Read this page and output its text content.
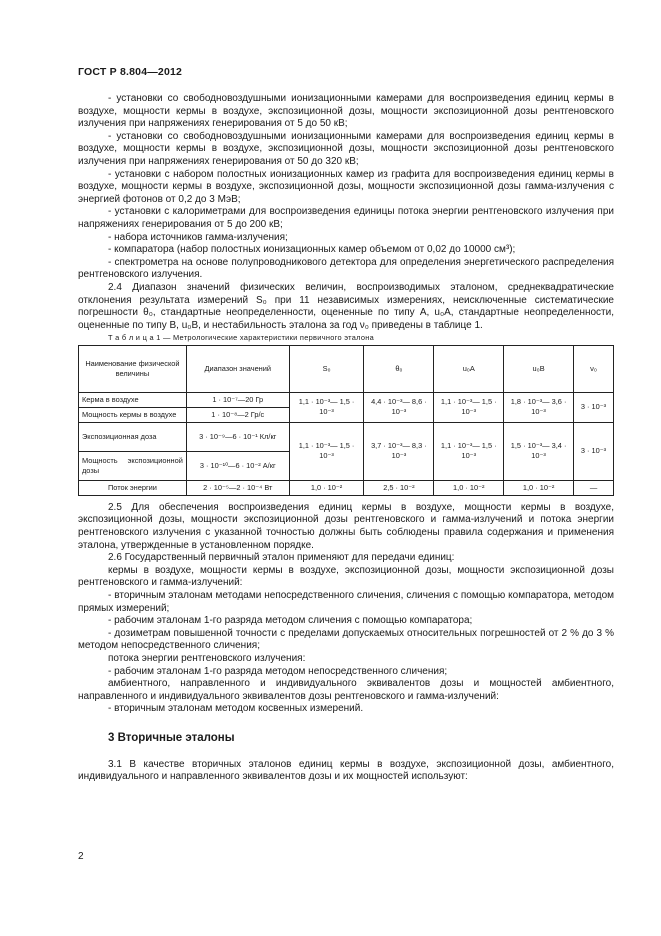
ГОСТ Р 8.804—2012

- установки со свободновоздушными ионизационными камерами для воспроизведения единиц кермы в воздухе, мощности кермы в воздухе, экспозиционной дозы, мощности экспозиционной дозы рентгеновского излучения при напряжениях генерирования от 5 до 50 кВ;

- установки со свободновоздушными ионизационными камерами для воспроизведения единиц кермы в воздухе, мощности кермы в воздухе, экспозиционной дозы, мощности экспозиционной дозы рентгеновского излучения при напряжениях генерирования от 50 до 320 кВ;

- установки с набором полостных ионизационных камер из графита для воспроизведения единиц кермы в воздухе, мощности кермы в воздухе, экспозиционной дозы, мощности экспозиционной дозы гамма-излучения с энергией фотонов от 0,2 до 3 МэВ;

- установки с калориметрами для воспроизведения единицы потока энергии рентгеновского излучения при напряжениях генерирования от 5 до 200 кВ;

- набора источников гамма-излучения;

- компаратора (набор полостных ионизационных камер объемом от 0,02 до 10000 см³);

- спектрометра на основе полупроводникового детектора для определения энергетического распределения рентгеновского излучения.

2.4 Диапазон значений физических величин, воспроизводимых эталоном, среднеквадратические отклонения результата измерений S₀ при 11 независимых измерениях, неисключенные систематические погрешности θ₀, стандартные неопределенности, оцененные по типу А, u₀A, стандартные неопределенности, оцененные по типу В, u₀B, и нестабильность эталона за год ν₀ приведены в таблице 1.

Т а б л и ц а 1 — Метрологические характеристики первичного эталона

Наименование физической величины	Диапазон значений	S₀	θ₀	u₀A	u₀B	ν₀
Керма в воздухе	1 · 10⁻⁷—20 Гр	1,1 · 10⁻³— 1,5 · 10⁻³	4,4 · 10⁻³— 8,6 · 10⁻³	1,1 · 10⁻³— 1,5 · 10⁻³	1,8 · 10⁻³— 3,6 · 10⁻³	3 · 10⁻³
Мощность кермы в воздухе	1 · 10⁻⁸—2 Гр/с					
Экспозиционная доза	3 · 10⁻⁹—6 · 10⁻¹ Кл/кг	1,1 · 10⁻³— 1,5 · 10⁻³	3,7 · 10⁻³— 8,3 · 10⁻³	1,1 · 10⁻³— 1,5 · 10⁻³	1,5 · 10⁻³— 3,4 · 10⁻³	3 · 10⁻³
Мощность экспозиционной дозы	3 · 10⁻¹⁰—6 · 10⁻² А/кг					
Поток энергии	2 · 10⁻⁵—2 · 10⁻⁴ Вт	1,0 · 10⁻²	2,5 · 10⁻²	1,0 · 10⁻²	1,0 · 10⁻²	—

2.5 Для обеспечения воспроизведения единиц кермы в воздухе, мощности кермы в воздухе, экспозиционной дозы, мощности экспозиционной дозы рентгеновского и гамма-излучений и потока энергии рентгеновского излучения с указанной точностью должны быть соблюдены правила содержания и применения эталона, утвержденные в установленном порядке.

2.6 Государственный первичный эталон применяют для передачи единиц:

кермы в воздухе, мощности кермы в воздухе, экспозиционной дозы, мощности экспозиционной дозы рентгеновского и гамма-излучений:

- вторичным эталонам методами непосредственного сличения, сличения с помощью компаратора, методом прямых измерений;

- рабочим эталонам 1-го разряда методом сличения с помощью компаратора;

- дозиметрам повышенной точности с пределами допускаемых относительных погрешностей от 2 % до 3 % методом непосредственного сличения;

потока энергии рентгеновского излучения:

- рабочим эталонам 1-го разряда методом непосредственного сличения;

амбиентного, направленного и индивидуального эквивалентов дозы и мощностей амбиентного, направленного и индивидуального эквивалентов дозы рентгеновского и гамма-излучений:

- вторичным эталонам методом косвенных измерений.

3 Вторичные эталоны

3.1 В качестве вторичных эталонов единиц кермы в воздухе, экспозиционной дозы, амбиентного, индивидуального и направленного эквивалентов дозы и их мощностей используют:

2
